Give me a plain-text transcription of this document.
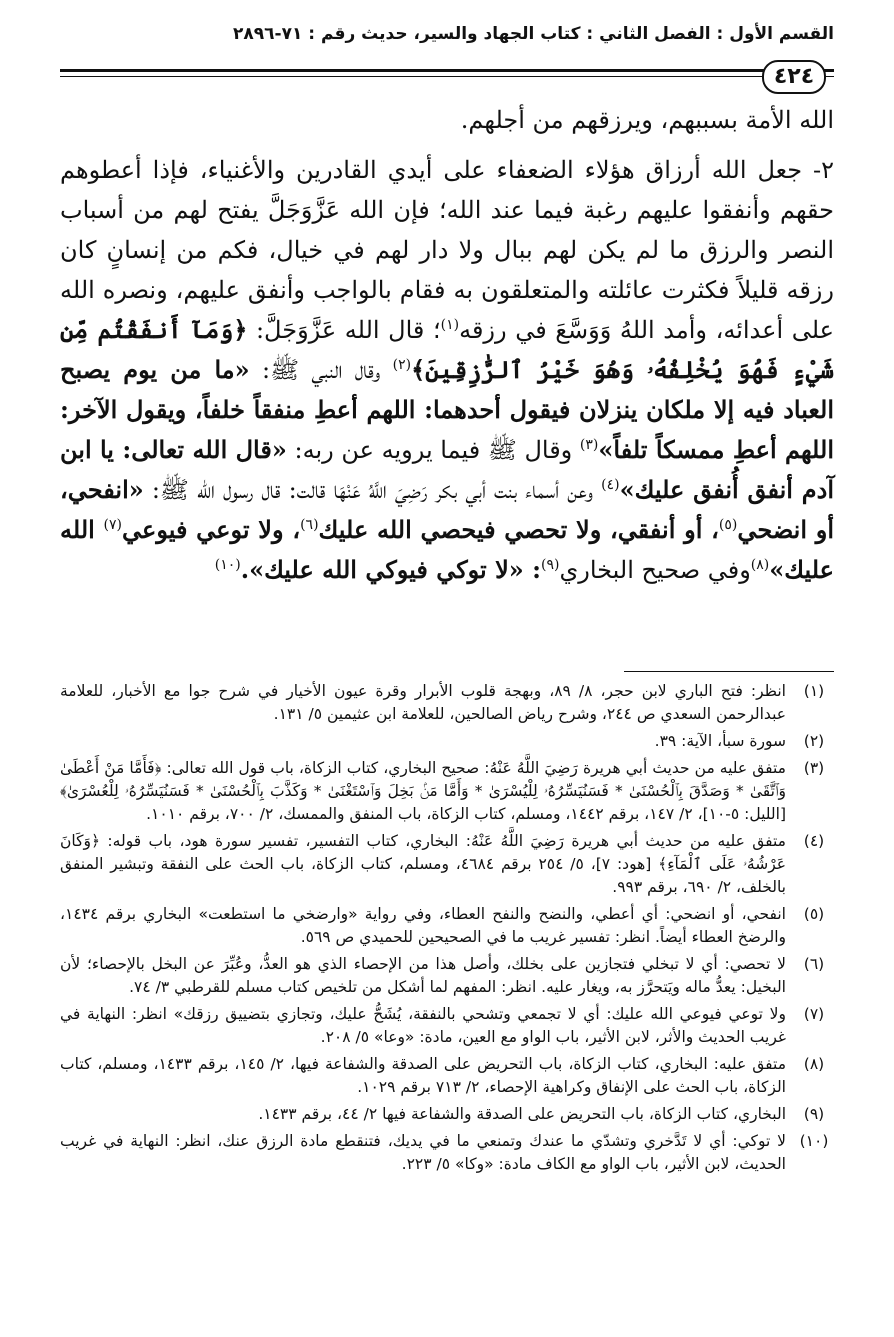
القسم الأول : الفصل الثاني : كتاب الجهاد والسير، حديث رقم : ٧١-٢٨٩٦
٤٢٤

الله الأمة بسببهم، ويرزقهم من أجلهم.

٢- جعل الله أرزاق هؤلاء الضعفاء على أيدي القادرين والأغنياء، فإذا أعطوهم حقهم وأنفقوا عليهم رغبة فيما عند الله؛ فإن الله عَزَّوَجَلَّ يفتح لهم من أسباب النصر والرزق ما لم يكن لهم ببال ولا دار لهم في خيال، فكم من إنسانٍ كان رزقه قليلاً فكثرت عائلته والمتعلقون به فقام بالواجب وأنفق عليهم، ونصره الله على أعدائه، وأمد اللهُ وَوَسَّعَ في رزقه$^{(١)}$؛ قال الله عَزَّوَجَلَّ: ﴿وَمَآ أَنفَقْتُم مِّن شَيْءٍ فَهُوَ يُخْلِفُهُۥ وَهُوَ خَيْرُ ٱلرَّٰزِقِينَ﴾$^{(٢)}$ وقال النبي ﷺ: «ما من يوم يصبح العباد فيه إلا ملكان ينزلان فيقول أحدهما: اللهم أعطِ منفقاً خلفاً، ويقول الآخر: اللهم أعطِ ممسكاً تلفاً»$^{(٣)}$ وقال ﷺ فيما يرويه عن ربه: «قال الله تعالى: يا ابن آدم أنفق أُنفق عليك»$^{(٤)}$ وعن أسماء بنت أبي بكر رَضِيَ اللَّهُ عَنْهَا قالت: قال رسول الله ﷺ: «انفحي، أو انضحي$^{(٥)}$، أو أنفقي، ولا تحصي فيحصي الله عليك$^{(٦)}$، ولا توعي فيوعي$^{(٧)}$ الله عليك»$^{(٨)}$وفي صحيح البخاري$^{(٩)}$: «لا توكي فيوكي الله عليك».$^{(١٠)}$

(١)
انظر: فتح الباري لابن حجر، ٨/ ٨٩، وبهجة قلوب الأبرار وقرة عيون الأخيار في شرح جوا مع الأخبار، للعلامة عبدالرحمن السعدي ص ٢٤٤، وشرح رياض الصالحين، للعلامة ابن عثيمين ٥/ ١٣١.
(٢)
سورة سبأ، الآية: ٣٩.
(٣)
متفق عليه من حديث أبي هريرة رَضِيَ اللَّهُ عَنْهُ: صحيح البخاري، كتاب الزكاة، باب قول الله تعالى: ﴿فَأَمَّا مَنْ أَعْطَىٰ وَٱتَّقَىٰ * وَصَدَّقَ بِٱلْحُسْنَىٰ * فَسَنُيَسِّرُهُۥ لِلْيُسْرَىٰ * وَأَمَّا مَنۢ بَخِلَ وَٱسْتَغْنَىٰ * وَكَذَّبَ بِٱلْحُسْنَىٰ * فَسَنُيَسِّرُهُۥ لِلْعُسْرَىٰ﴾ [الليل: ٥-١٠]، ٢/ ١٤٧، برقم ١٤٤٢، ومسلم، كتاب الزكاة، باب المنفق والممسك، ٢/ ٧٠٠، برقم ١٠١٠.
(٤)
متفق عليه من حديث أبي هريرة رَضِيَ اللَّهُ عَنْهُ: البخاري، كتاب التفسير، تفسير سورة هود، باب قوله: ﴿وَكَانَ عَرْشُهُۥ عَلَى ٱلْمَآءِ﴾ [هود: ٧]، ٥/ ٢٥٤ برقم ٤٦٨٤، ومسلم، كتاب الزكاة، باب الحث على النفقة وتبشير المنفق بالخلف، ٢/ ٦٩٠، برقم ٩٩٣.
(٥)
انفحي، أو انضحي: أي أعطي، والنضح والنفح العطاء، وفي رواية «وارضخي ما استطعت» البخاري برقم ١٤٣٤، والرضخ العطاء أيضاً. انظر: تفسير غريب ما في الصحيحين للحميدي ص ٥٦٩.
(٦)
لا تحصي: أي لا تبخلي فتجازين على بخلك، وأصل هذا من الإحصاء الذي هو العدُّ، وعُبِّرَ عن البخل بالإحصاء؛ لأن البخيل: يعدُّ ماله ويَتحرَّز به، ويغار عليه. انظر: المفهم لما أشكل من تلخيص كتاب مسلم للقرطبي ٣/ ٧٤.
(٧)
ولا توعي فيوعي الله عليك: أي لا تجمعي وتشحي بالنفقة، يُشَحُّ عليك، وتجازي بتضييق رزقك» انظر: النهاية في غريب الحديث والأثر، لابن الأثير، باب الواو مع العين، مادة: «وعا» ٥/ ٢٠٨.
(٨)
متفق عليه: البخاري، كتاب الزكاة، باب التحريض على الصدقة والشفاعة فيها، ٢/ ١٤٥، برقم ١٤٣٣، ومسلم، كتاب الزكاة، باب الحث على الإنفاق وكراهية الإحصاء، ٢/ ٧١٣ برقم ١٠٢٩.
(٩)
البخاري، كتاب الزكاة، باب التحريض على الصدقة والشفاعة فيها ٢/ ٤٤، برقم ١٤٣٣.
(١٠)
لا توكي: أي لا تَدَّخري وتشدّي ما عندك وتمنعي ما في يديك، فتنقطع مادة الرزق عنك، انظر: النهاية في غريب الحديث، لابن الأثير، باب الواو مع الكاف مادة: «وكا» ٥/ ٢٢٣.
